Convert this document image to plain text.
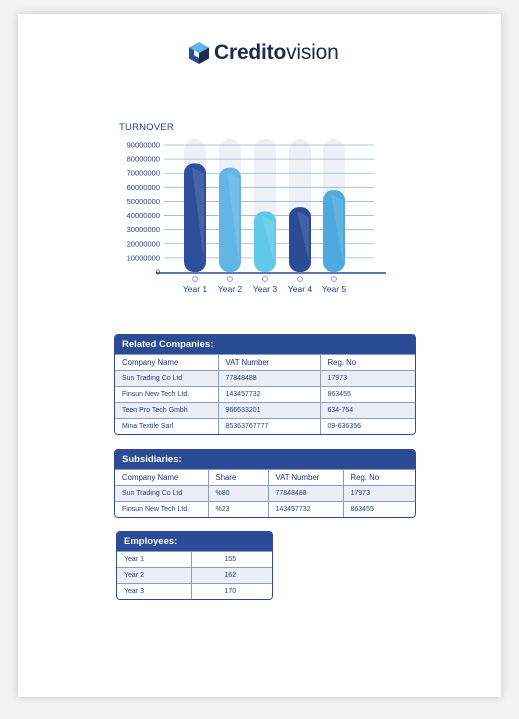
Creditovision
TURNOVER
0
10000000
20000000
30000000
40000000
50000000
60000000
70000000
80000000
90000000
Year 1 Year 2 Year 3 Year 4 Year 5
Related Companies:
Company Name	VAT Number	Reg. No
Sun Trading Co Ltd	77848488	17973
Finsun New Tech Ltd.	143457732	863455
Teen Pro Tech Gmbh	966633201	634-754
Mina Textile Sarl	85363767777	09-636356
Subsidiaries:
Company Name	Share	VAT Number	Reg. No
Sun Trading Co Ltd	%80	77848488	17973
Finsun New Tech Ltd.	%23	143457732	863455
Employees:
Year 1	155
Year 2	162
Year 3	170
